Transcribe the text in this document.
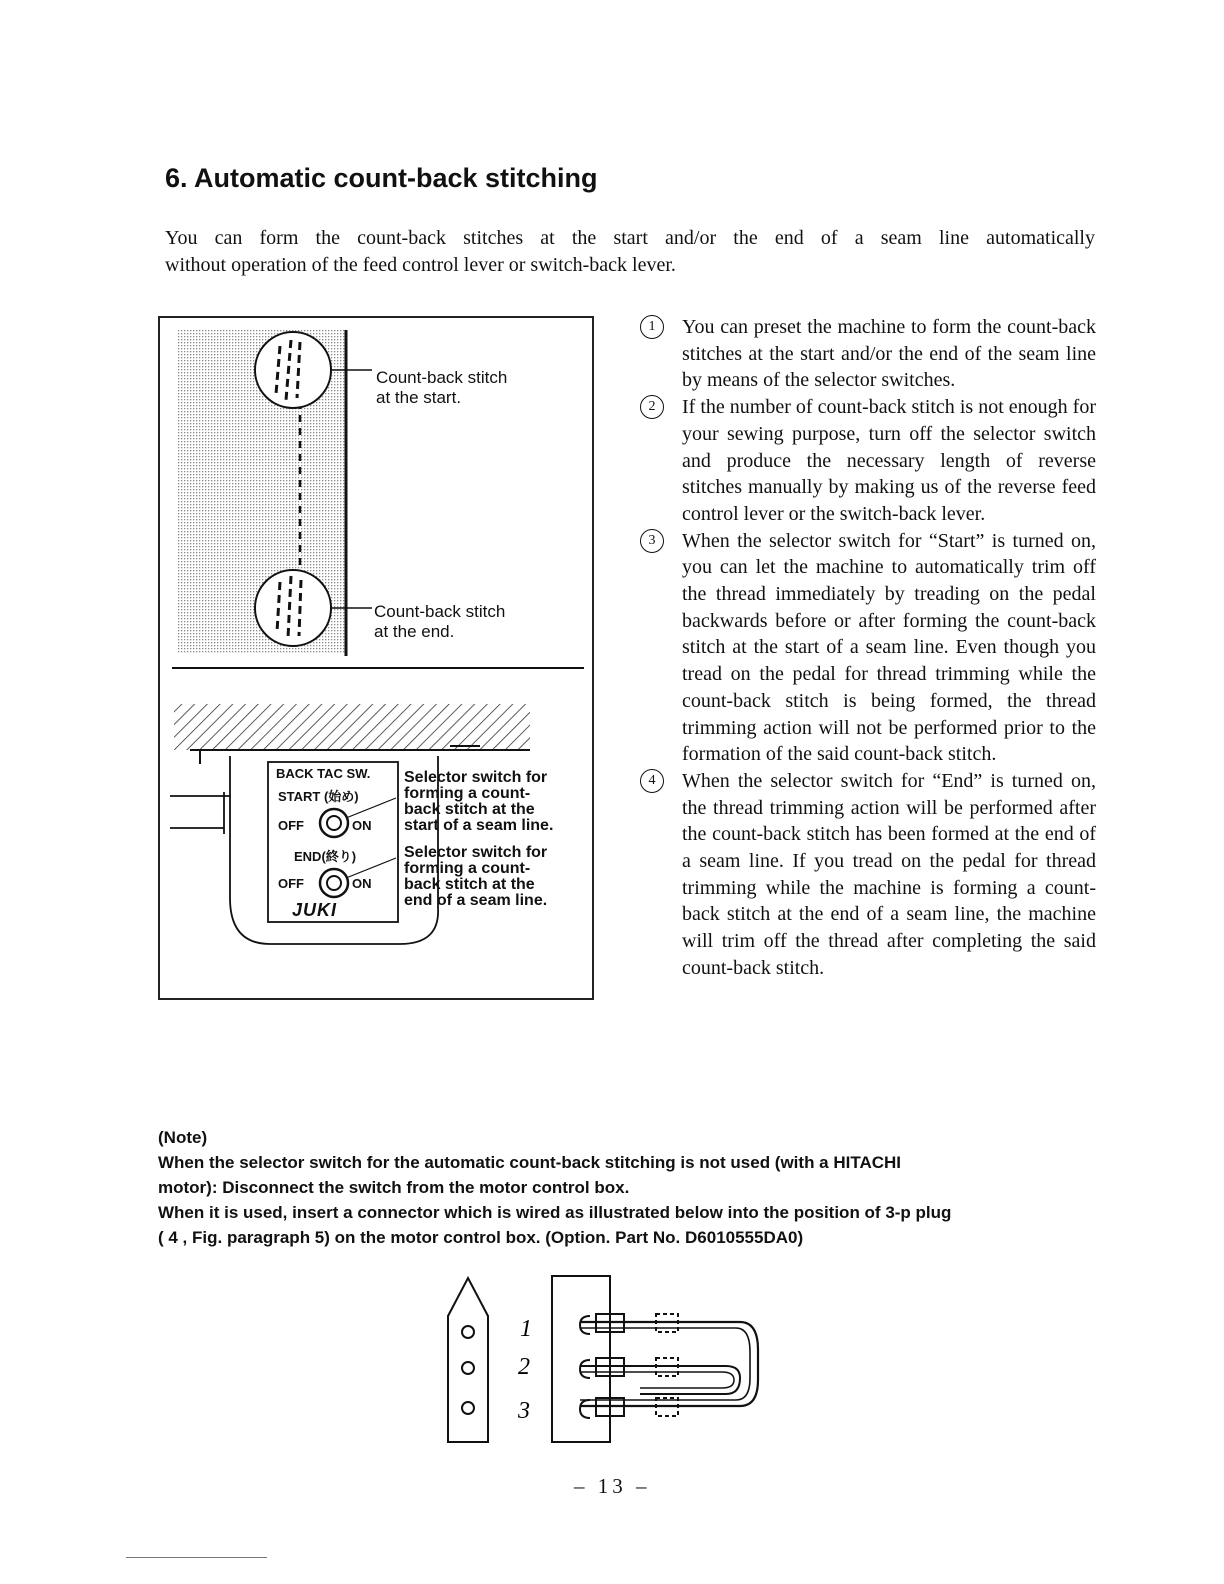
6. Automatic count-back stitching
You can form the count-back stitches at the start and/or the end of a seam line automatically
without operation of the feed control lever or switch-back lever.
Count-back stitch
at the start.
Count-back stitch
at the end.
BACK TAC SW.
START (始め)
OFF	ON
END(終り)
OFF	ON
JUKI
Selector switch for
forming a count-
back stitch at the
start of a seam line.
Selector switch for
forming a count-
back stitch at the
end of a seam line.
1	You can preset the machine to form the count-back stitches at the start and/or the end of the seam line by means of the selector switches.
2	If the number of count-back stitch is not enough for your sewing purpose, turn off the selector switch and produce the necessary length of reverse stitches manually by making us of the reverse feed control lever or the switch-back lever.
3	When the selector switch for “Start” is turned on, you can let the machine to automatically trim off the thread immediately by treading on the pedal backwards before or after forming the count-back stitch at the start of a seam line. Even though you tread on the pedal for thread trimming while the count-back stitch is being formed, the thread trimming action will not be performed prior to the formation of the said count-back stitch.
4	When the selector switch for “End” is turned on, the thread trimming action will be performed after the count-back stitch has been formed at the end of a seam line. If you tread on the pedal for thread trimming while the machine is forming a count-back stitch at the end of a seam line, the machine will trim off the thread after completing the said count-back stitch.
(Note)
When the selector switch for the automatic count-back stitching is not used (with a HITACHI
motor): Disconnect the switch from the motor control box.
When it is used, insert a connector which is wired as illustrated below into the position of 3-p plug
( 4 , Fig. paragraph 5) on the motor control box. (Option. Part No. D6010555DA0)
1
2
3
– 13 –
